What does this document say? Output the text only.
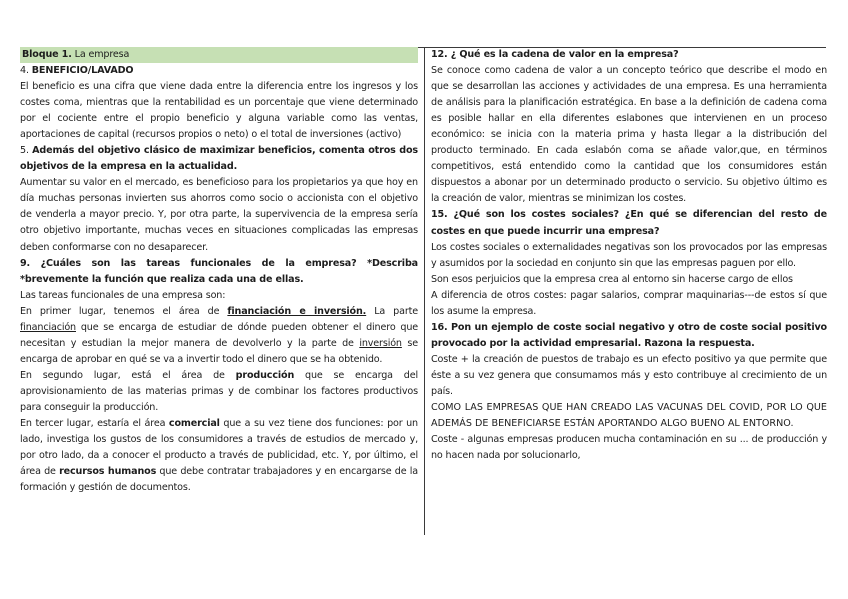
Bloque 1. La empresa

4. BENEFICIO/LAVADO

El beneficio es una cifra que viene dada entre la diferencia entre los ingresos y los costes coma, mientras que la rentabilidad es un porcentaje que viene determinado por el cociente entre el propio beneficio y alguna variable como las ventas, aportaciones de capital (recursos propios o neto) o el total de inversiones (activo)

5. Además del objetivo clásico de maximizar beneficios, comenta otros dos objetivos de la empresa en la actualidad.

Aumentar su valor en el mercado, es beneficioso para los propietarios ya que hoy en día muchas personas invierten sus ahorros como socio o accionista con el objetivo de venderla a mayor precio. Y, por otra parte, la supervivencia de la empresa sería otro objetivo importante, muchas veces en situaciones complicadas las empresas deben conformarse con no desaparecer.

9. ¿Cuáles son las tareas funcionales de la empresa? *Describa *brevemente la función que realiza cada una de ellas.

Las tareas funcionales de una empresa son:

En primer lugar, tenemos el área de financiación e inversión. La parte financiación que se encarga de estudiar de dónde pueden obtener el dinero que necesitan y estudian la mejor manera de devolverlo y la parte de inversión se encarga de aprobar en qué se va a invertir todo el dinero que se ha obtenido.

En segundo lugar, está el área de producción que se encarga del aprovisionamiento de las materias primas y de combinar los factores productivos para conseguir la producción.

En tercer lugar, estaría el área comercial que a su vez tiene dos funciones: por un lado, investiga los gustos de los consumidores a través de estudios de mercado y, por otro lado, da a conocer el producto a través de publicidad, etc. Y, por último, el área de recursos humanos que debe contratar trabajadores y en encargarse de la formación y gestión de documentos.

12. ¿ Qué es la cadena de valor en la empresa?

Se conoce como cadena de valor a un concepto teórico que describe el modo en que se desarrollan las acciones y actividades de una empresa. Es una herramienta de análisis para la planificación estratégica. En base a la definición de cadena coma es posible hallar en ella diferentes eslabones que intervienen en un proceso económico: se inicia con la materia prima y hasta llegar a la distribución del producto terminado. En cada eslabón coma se añade valor,que, en términos competitivos, está entendido como la cantidad que los consumidores están dispuestos a abonar por un determinado producto o servicio. Su objetivo último es la creación de valor, mientras se minimizan los costes.

15. ¿Qué son los costes sociales? ¿En qué se diferencian del resto de costes en que puede incurrir una empresa?

Los costes sociales o externalidades negativas son los provocados por las empresas y asumidos por la sociedad en conjunto sin que las empresas paguen por ello.

Son esos perjuicios que la empresa crea al entorno sin hacerse cargo de ellos

A diferencia de otros costes: pagar salarios, comprar maquinarias---de estos sí que los asume la empresa.

16. Pon un ejemplo de coste social negativo y otro de coste social positivo provocado por la actividad empresarial. Razona la respuesta.

Coste + la creación de puestos de trabajo es un efecto positivo ya que permite que éste a su vez genera que consumamos más y esto contribuye al crecimiento de un país.

COMO LAS EMPRESAS QUE HAN CREADO LAS VACUNAS DEL COVID, POR LO QUE ADEMÁS DE BENEFICIARSE ESTÁN APORTANDO ALGO BUENO AL ENTORNO.

Coste - algunas empresas producen mucha contaminación en su ... de producción y no hacen nada por solucionarlo,
